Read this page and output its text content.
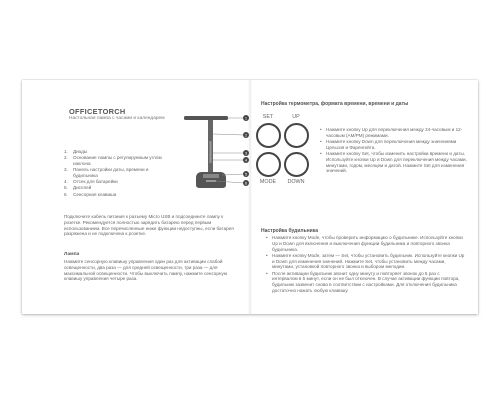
OFFICETORCH

Настольная лампа с часами и календарем

1.	Диоды
2.	Основание лампы с регулируемым углом наклона
3.	Панель настройки даты, времени и будильника
4.	Отсек для батарейки
5.	Дисплей
6.	Сенсорная клавиша
1
2
3
4
5
6

Подключите кабель питания к разъему Micro USB и подсоедините лампу к розетке. Рекомендуется полностью зарядить батарею перед первым использованием. Все перечисленные ниже функции недоступны, если батарея разряжена и не подключена к розетке.

Лампа

Нажмите сенсорную клавишу управления один раз для активации слабой освещенности, два раза — для средней освещенности, три раза — для максимальной освещенности. Чтобы выключить лампу, нажмите сенсорную клавишу управления четыре раза.

Настройка термометра, формата времени, времени и даты

SET	UP

MODE	DOWN

• Нажмите кнопку Up для переключения между 24-часовым и 12-часовым (AM/PM) режимами.
• Нажмите кнопку Down для переключения между значениями Цельсия и Фаренгейта.
• Нажмите кнопку Set, чтобы изменить настройки времени и даты. Используйте кнопки Up и Down для переключения между часами, минутами, годом, месяцем и датой. Нажмите Set для изменения значений.

Настройка будильника

• Нажмите кнопку Mode, чтобы проверить информацию о будильнике. Используйте кнопки Up и Down для включения и выключения функции будильника и повторного звонка будильника.
• Нажмите кнопку Mode, затем — Set, чтобы установить будильник. Используйте кнопки Up и Down для изменения значений. Нажмите Set, чтобы установить между часами, минутами, установкой повторного звонка и выбором мелодии.
• После активации будильник звонит одну минуту и повторяет звонок до 5 раз с интервалом в 5 минут, если он не был отключен. В случае активации функции повтора, будильник зазвенит снова в соответствии с настройками. Для отключения будильника достаточно нажать любую клавишу.
